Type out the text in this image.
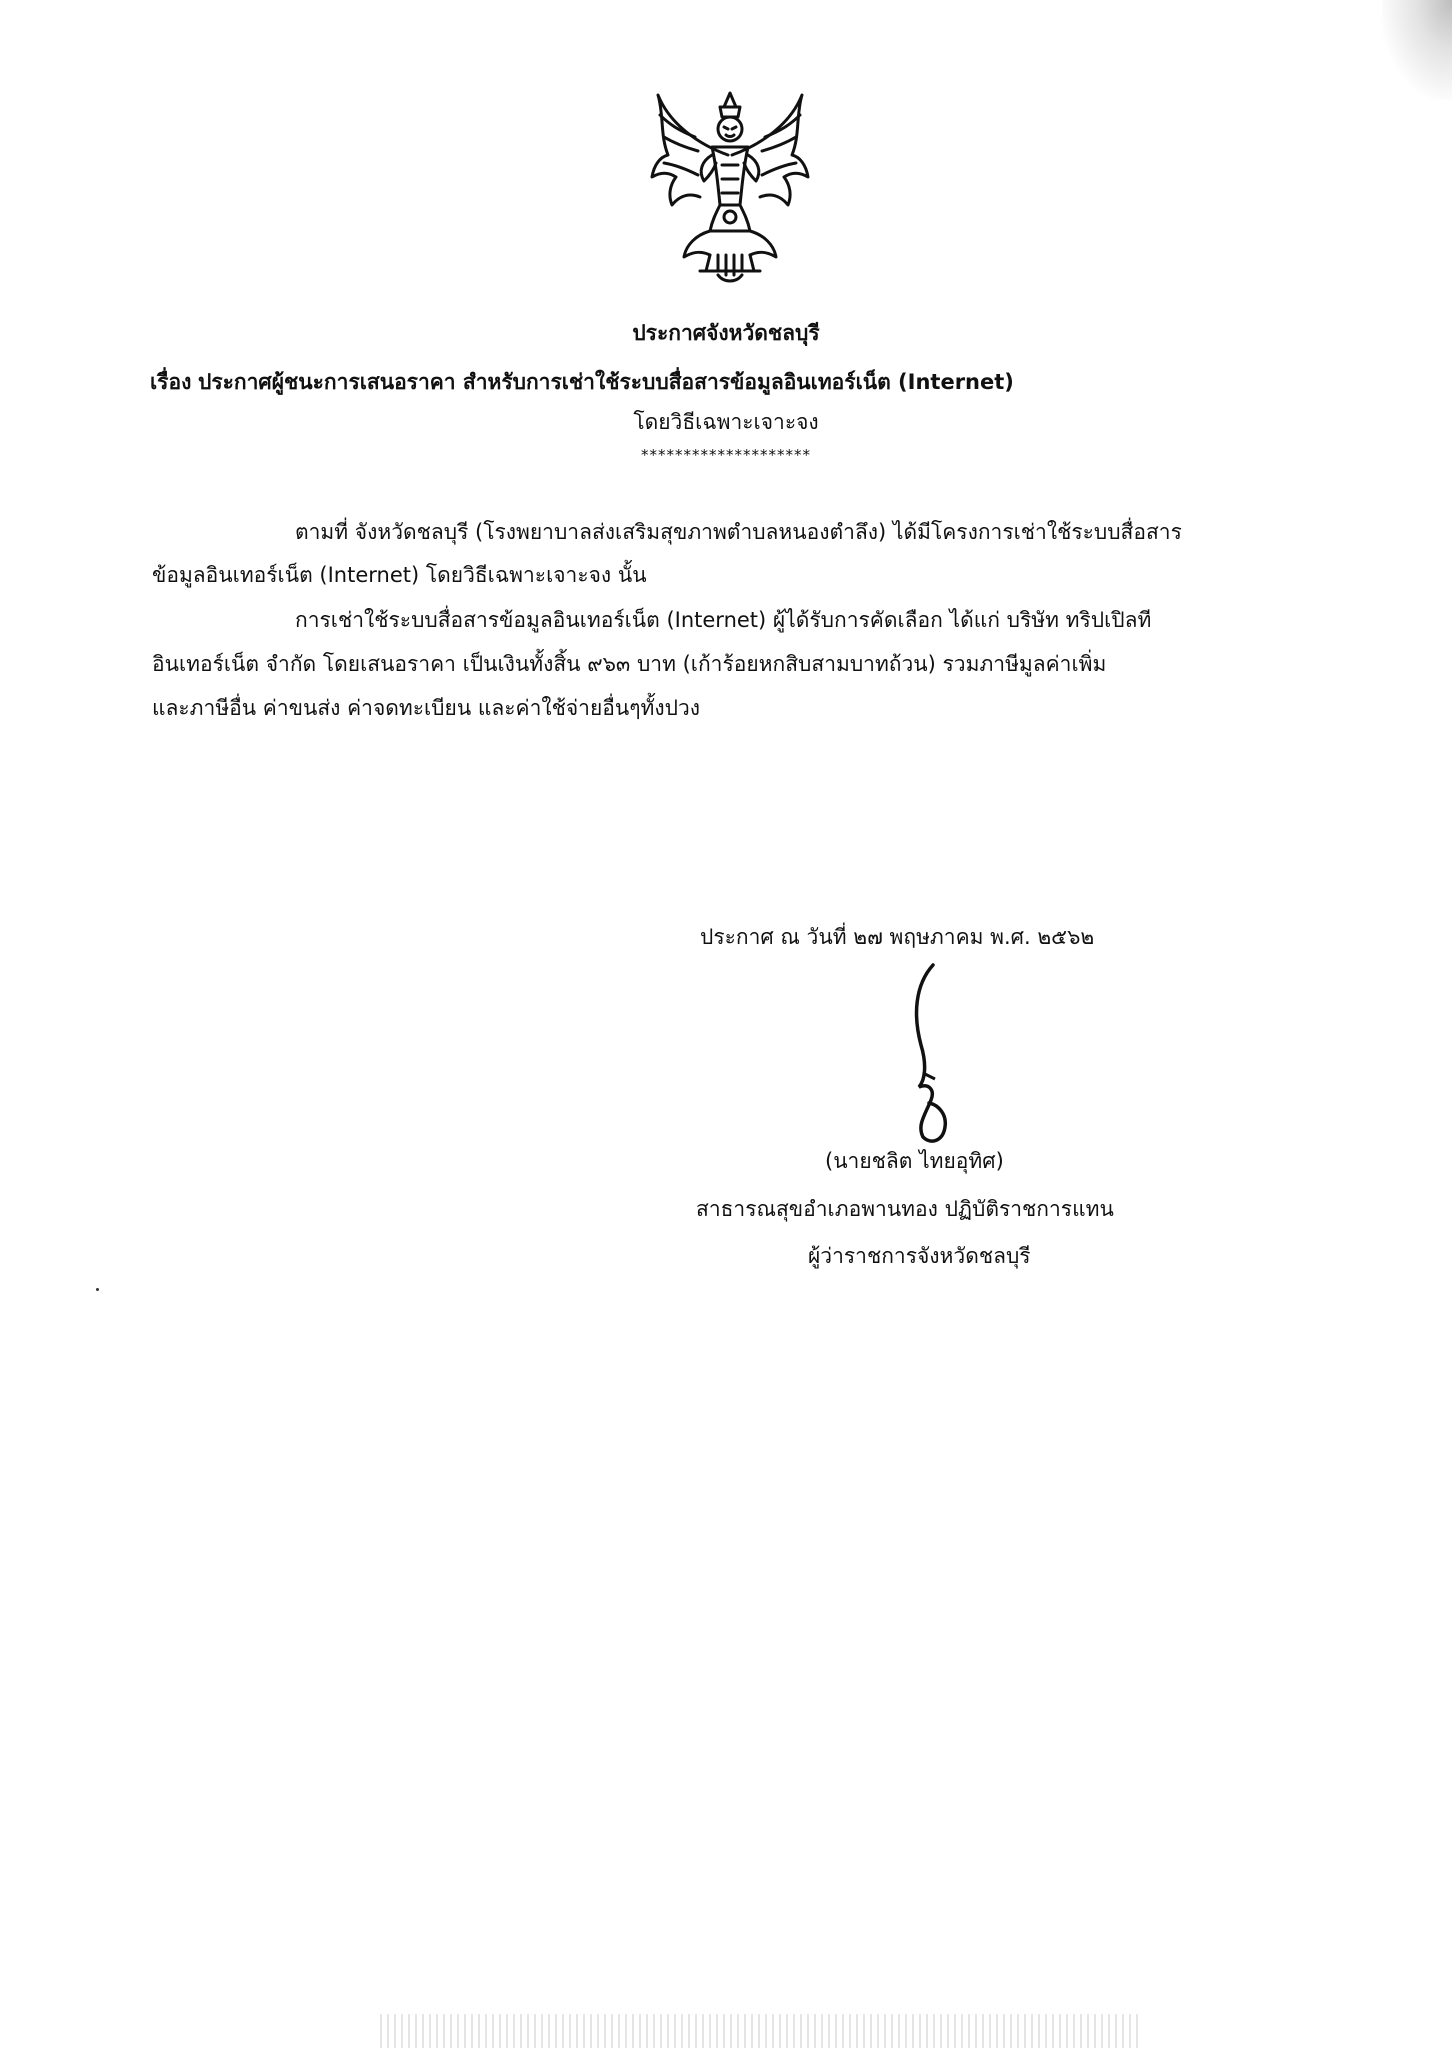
ประกาศจังหวัดชลบุรี
เรื่อง ประกาศผู้ชนะการเสนอราคา สำหรับการเช่าใช้ระบบสื่อสารข้อมูลอินเทอร์เน็ต (Internet)
โดยวิธีเฉพาะเจาะจง
********************
ตามที่ จังหวัดชลบุรี (โรงพยาบาลส่งเสริมสุขภาพตำบลหนองตำลึง) ได้มีโครงการเช่าใช้ระบบสื่อสาร
ข้อมูลอินเทอร์เน็ต (Internet) โดยวิธีเฉพาะเจาะจง นั้น
การเช่าใช้ระบบสื่อสารข้อมูลอินเทอร์เน็ต (Internet) ผู้ได้รับการคัดเลือก ได้แก่ บริษัท ทริปเปิลที
อินเทอร์เน็ต จำกัด โดยเสนอราคา เป็นเงินทั้งสิ้น ๙๖๓ บาท (เก้าร้อยหกสิบสามบาทถ้วน) รวมภาษีมูลค่าเพิ่ม
และภาษีอื่น ค่าขนส่ง ค่าจดทะเบียน และค่าใช้จ่ายอื่นๆทั้งปวง
ประกาศ ณ วันที่ ๒๗ พฤษภาคม พ.ศ. ๒๕๖๒
(นายชลิต ไทยอุทิศ)
สาธารณสุขอำเภอพานทอง ปฏิบัติราชการแทน
ผู้ว่าราชการจังหวัดชลบุรี
